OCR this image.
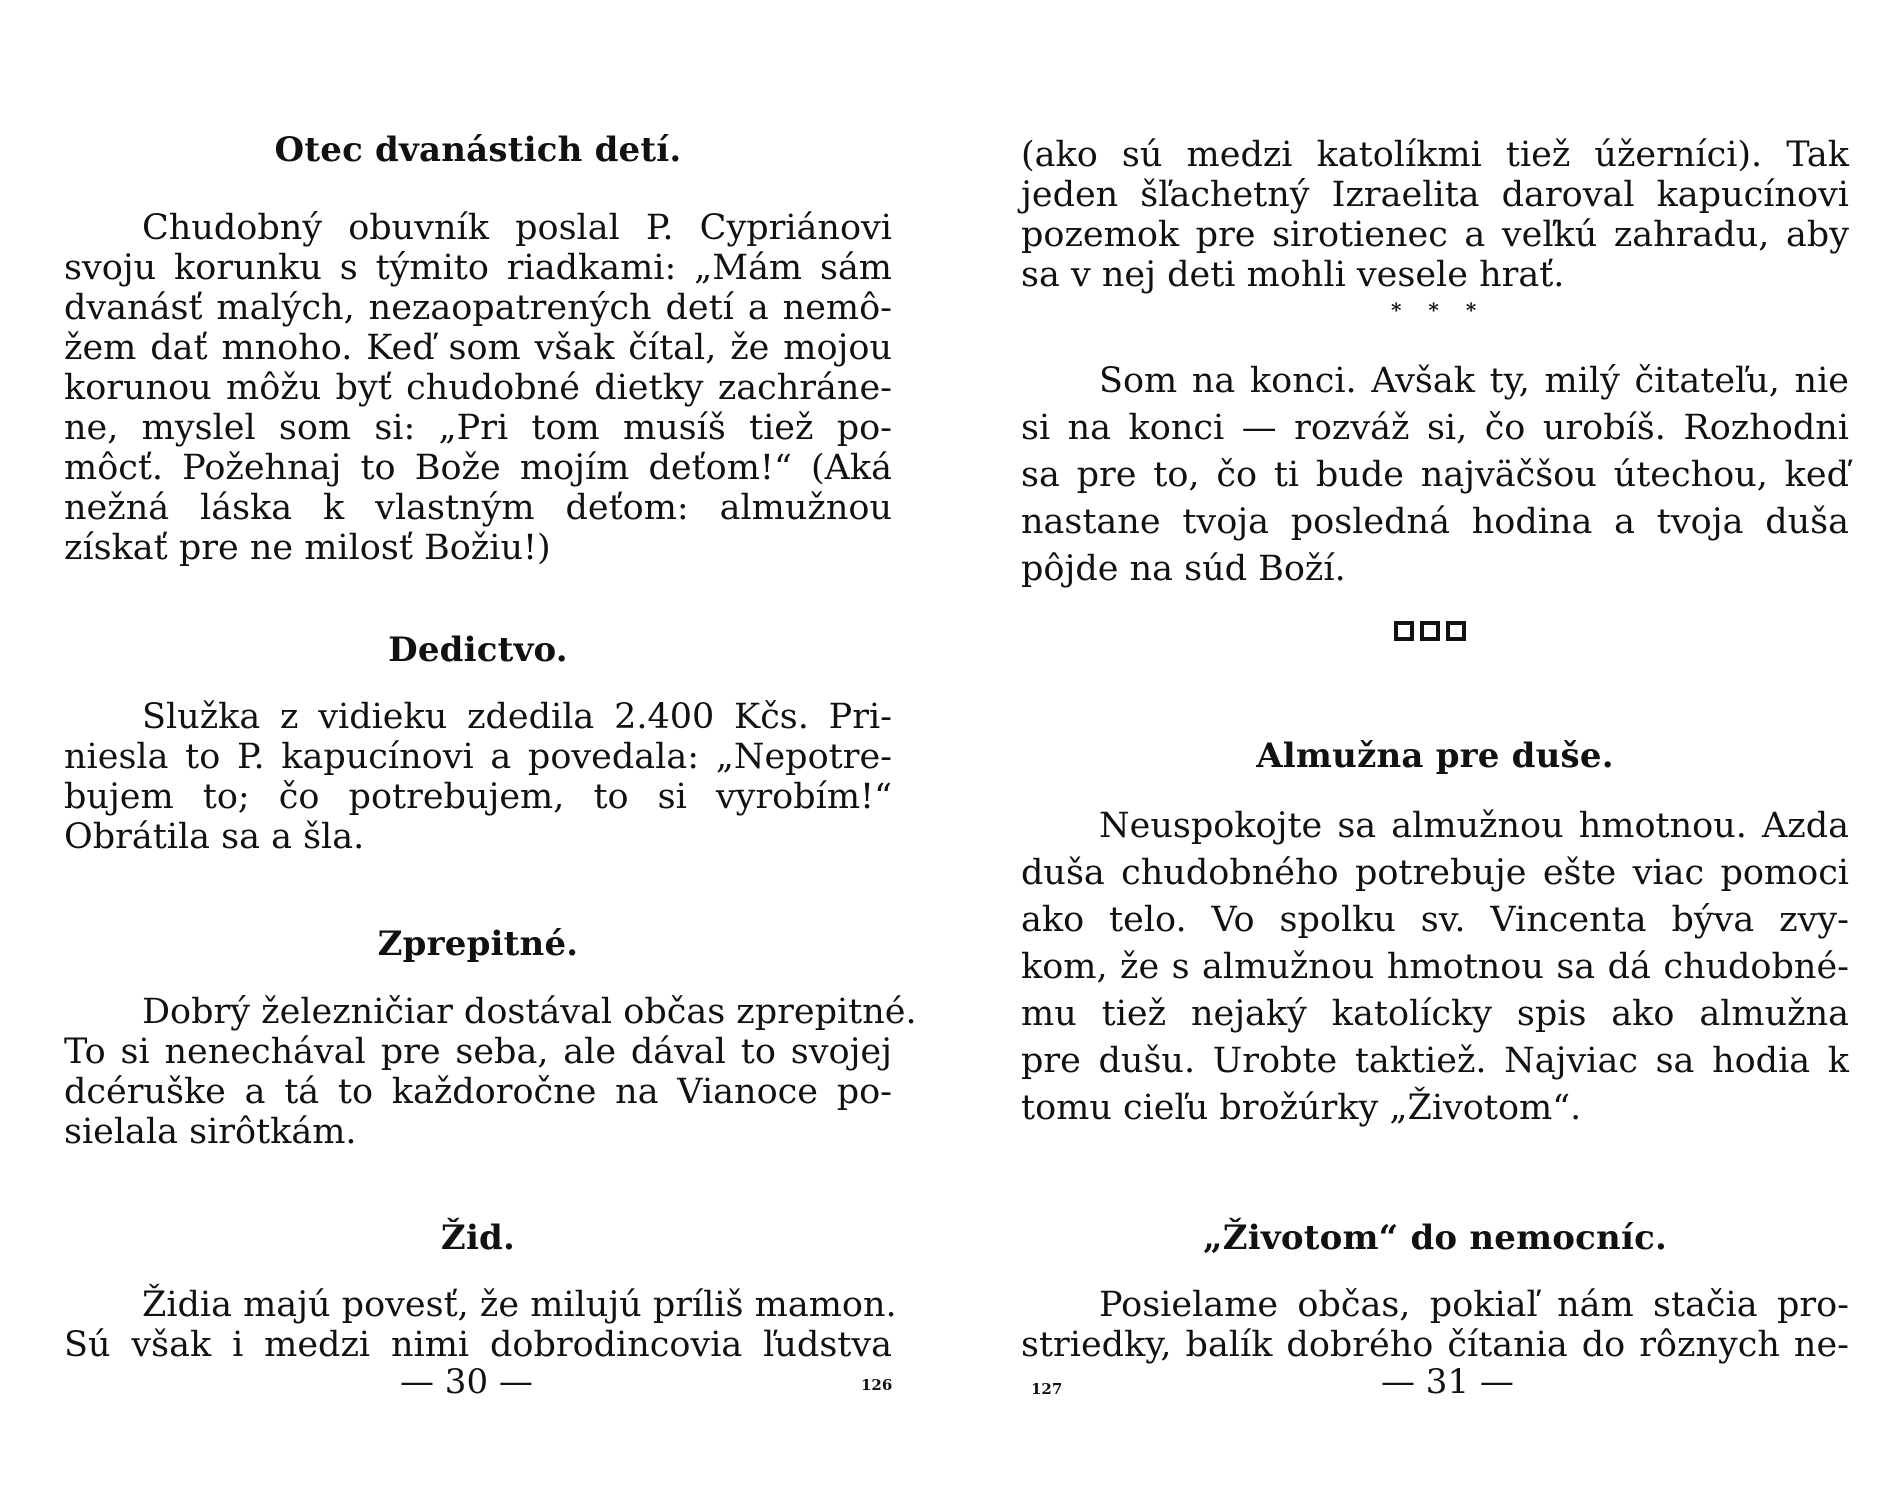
Otec dvanástich detí.
Chudobný obuvník poslal P. Cypriánovi
svoju korunku s týmito riadkami: „Mám sám
dvanásť malých, nezaopatrených detí a nemô-
žem dať mnoho. Keď som však čítal, že mojou
korunou môžu byť chudobné dietky zachráne-
ne, myslel som si: „Pri tom musíš tiež po-
môcť. Požehnaj to Bože mojím deťom!“ (Aká
nežná láska k vlastným deťom: almužnou
získať pre ne milosť Božiu!)
Dedictvo.
Služka z vidieku zdedila 2.400 Kčs. Pri-
niesla to P. kapucínovi a povedala: „Nepotre-
bujem to; čo potrebujem, to si vyrobím!“
Obrátila sa a šla.
Zprepitné.
Dobrý železničiar dostával občas zprepitné.
To si nenechával pre seba, ale dával to svojej
dcéruške a tá to každoročne na Vianoce po-
sielala sirôtkám.
Žid.
Židia majú povesť, že milujú príliš mamon.
Sú však i medzi nimi dobrodincovia ľudstva
— 30 —	126
(ako sú medzi katolíkmi tiež úžerníci). Tak
jeden šľachetný Izraelita daroval kapucínovi
pozemok pre sirotienec a veľkú zahradu, aby
sa v nej deti mohli vesele hrať.
* * *
Som na konci. Avšak ty, milý čitateľu, nie
si na konci — rozváž si, čo urobíš. Rozhodni
sa pre to, čo ti bude najväčšou útechou, keď
nastane tvoja posledná hodina a tvoja duša
pôjde na súd Boží.
Almužna pre duše.
Neuspokojte sa almužnou hmotnou. Azda
duša chudobného potrebuje ešte viac pomoci
ako telo. Vo spolku sv. Vincenta býva zvy-
kom, že s almužnou hmotnou sa dá chudobné-
mu tiež nejaký katolícky spis ako almužna
pre dušu. Urobte taktiež. Najviac sa hodia k
tomu cieľu brožúrky „Životom“.
„Životom“ do nemocníc.
Posielame občas, pokiaľ nám stačia pro-
striedky, balík dobrého čítania do rôznych ne-
127	— 31 —
